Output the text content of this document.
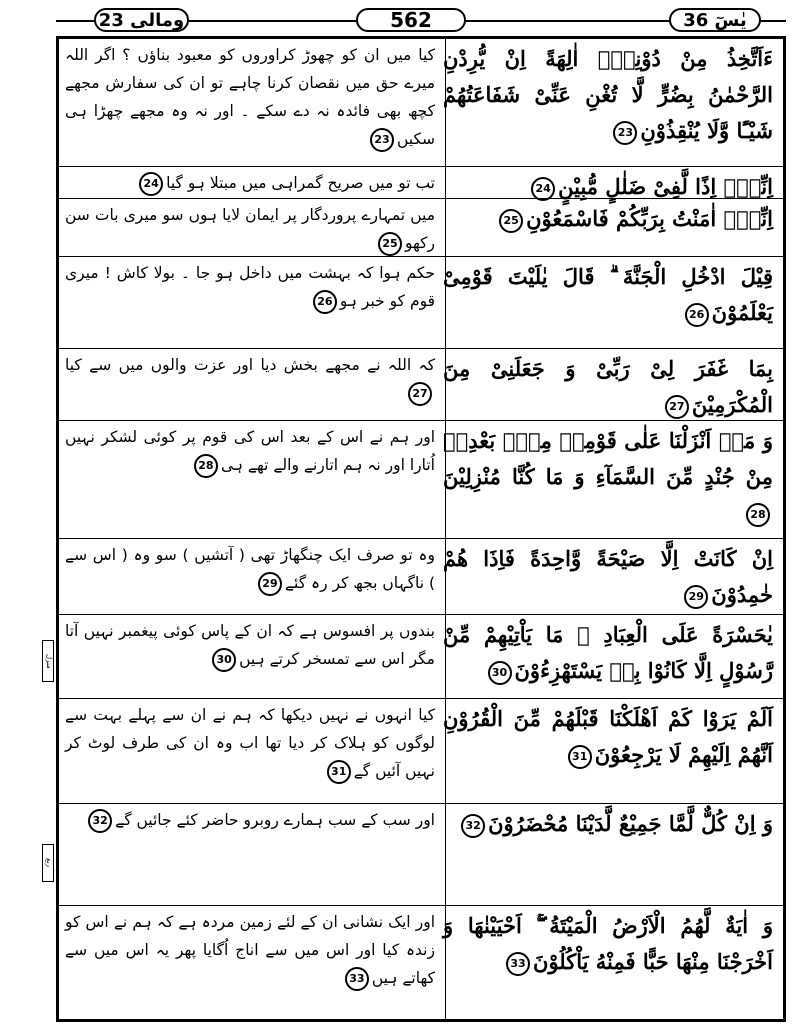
ومالی 23	562	یٰسٓ 36
ءَاَتَّخِذُ مِنْ دُوْنِهٖۤ اٰلِهَةً اِنْ يُّرِدْنِ الرَّحْمٰنُ بِضُرٍّ لَّا تُغْنِ عَنِّیْ شَفَاعَتُهُمْ شَيْـًٔا وَّلَا يُنْقِذُوْنِ23
کیا میں ان کو چھوڑ کراوروں کو معبود بناؤں ؟ اگر اللہ میرے حق میں نقصان کرنا چاہے تو ان کی سفارش مجھے کچھ بھی فائدہ نہ دے سکے ۔ اور نہ وہ مجھے چھڑا ہی سکیں23
اِنِّیْۤ اِذًا لَّفِیْ ضَلٰلٍ مُّبِيْنٍ24
تب تو میں صریح گمراہی میں مبتلا ہو گیا24
اِنِّیْۤ اٰمَنْتُ بِرَبِّكُمْ فَاسْمَعُوْنِ25
میں تمہارے پروردگار پر ایمان لایا ہوں سو میری بات سن رکھو25
قِيْلَ ادْخُلِ الْجَنَّةَ ۗ قَالَ يٰلَيْتَ قَوْمِیْ يَعْلَمُوْنَ26
حکم ہوا کہ بہشت میں داخل ہو جا ۔ بولا کاش ! میری قوم کو خبر ہو26
بِمَا غَفَرَ لِیْ رَبِّیْ وَ جَعَلَنِیْ مِنَ الْمُكْرَمِيْنَ27
کہ اللہ نے مجھے بخش دیا اور عزت والوں میں سے کیا27
وَ مَاۤ اَنْزَلْنَا عَلٰى قَوْمِهٖ مِنْۢ بَعْدِهٖ مِنْ جُنْدٍ مِّنَ السَّمَآءِ وَ مَا كُنَّا مُنْزِلِيْنَ28
اور ہم نے اس کے بعد اس کی قوم پر کوئی لشکر نہیں اُتارا اور نہ ہم اتارنے والے تھے ہی28
اِنْ كَانَتْ اِلَّا صَيْحَةً وَّاحِدَةً فَاِذَا هُمْ خٰمِدُوْنَ29
وہ تو صرف ایک چنگھاڑ تھی ( آتشیں ) سو وہ ( اس سے ) ناگہاں بجھ کر رہ گئے29
يٰحَسْرَةً عَلَى الْعِبَادِ ۚ مَا يَاْتِيْهِمْ مِّنْ رَّسُوْلٍ اِلَّا كَانُوْا بِهٖ يَسْتَهْزِءُوْنَ30
بندوں پر افسوس ہے کہ ان کے پاس کوئی پیغمبر نہیں آتا مگر اس سے تمسخر کرتے ہیں30
اَلَمْ يَرَوْا كَمْ اَهْلَكْنَا قَبْلَهُمْ مِّنَ الْقُرُوْنِ اَنَّهُمْ اِلَيْهِمْ لَا يَرْجِعُوْنَ31
کیا انہوں نے نہیں دیکھا کہ ہم نے ان سے پہلے بہت سے لوگوں کو ہلاک کر دیا تھا اب وہ ان کی طرف لوٹ کر نہیں آئیں گے31
وَ اِنْ كُلٌّ لَّمَّا جَمِيْعٌ لَّدَيْنَا مُحْضَرُوْنَ32
اور سب کے سب ہمارے روبرو حاضر کئے جائیں گے32
وَ اٰيَةٌ لَّهُمُ الْاَرْضُ الْمَيْتَةُ ۚۖ اَحْيَيْنٰهَا وَ اَخْرَجْنَا مِنْهَا حَبًّا فَمِنْهُ يَاْكُلُوْنَ33
اور ایک نشانی ان کے لئے زمین مردہ ہے کہ ہم نے اس کو زندہ کیا اور اس میں سے اناج اُگایا پھر یہ اس میں سے کھاتے ہیں33
منزل
ربع
